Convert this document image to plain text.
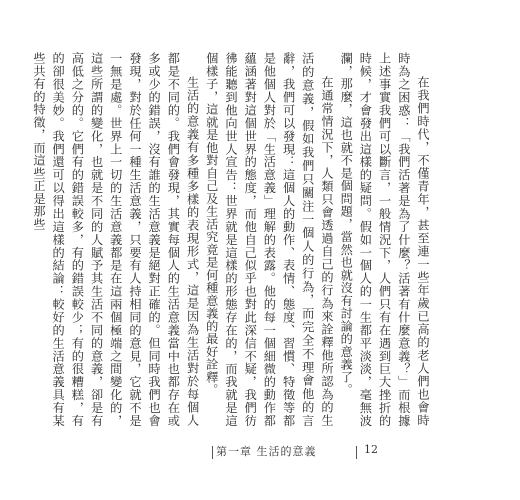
在我們時代，不僅青年，甚至連一些年歲已高的老人們也會時時為之困惑：「我們活著是為了什麼？活著有什麼意義？」而根據上述事實我們可以斷言，一般情況下，人們只有在遇到巨大挫折的時候，才會發出這樣的疑問。假如一個人的一生都平淡淡，毫無波瀾，那麼，這也就不是個問題，當然也就沒有討論的意義了。

在通常情況下，人類只會透過自己的行為來詮釋他所認為的生活的意義，假如我們只關注一個人的行為，而完全不理會他的言辭，我們可以發現：這個人的動作、表情、態度、習慣、特徵等都是他個人對於「生活意義」理解的表露。他的每一個細微的動作都蘊涵著對這個世界的態度，而他自己似乎也對此深信不疑，我們彷彿能聽到他向世人宣告：世界就是這樣的形態存在的，而我就是這個樣子，這就是他對自己及生活究竟是何種意義的最好詮釋。

生活的意義有多種多樣的表現形式，這是因為生活對於每個人都是不同的。我們會發現，其實每個人的生活意義當中也都存在或多或少的錯誤，沒有誰的生活意義是絕對正確的。但同時我們也會發現，對於任何一種生活意義，只要有人持相同的意見，它就不是一無是處。世界上一切的生活意義都是在這兩個極端之間變化的，這些所謂的變化，也就是不同的人賦予其生活不同的意義，卻是有高低之分的。它們有的錯誤較多，有的錯誤較少；有的很糟糕，有的卻很美妙。我們還可以得出這樣的結論：較好的生活意義具有某些共有的特徵，而這些正是那些

第一章 生活的意義	12
